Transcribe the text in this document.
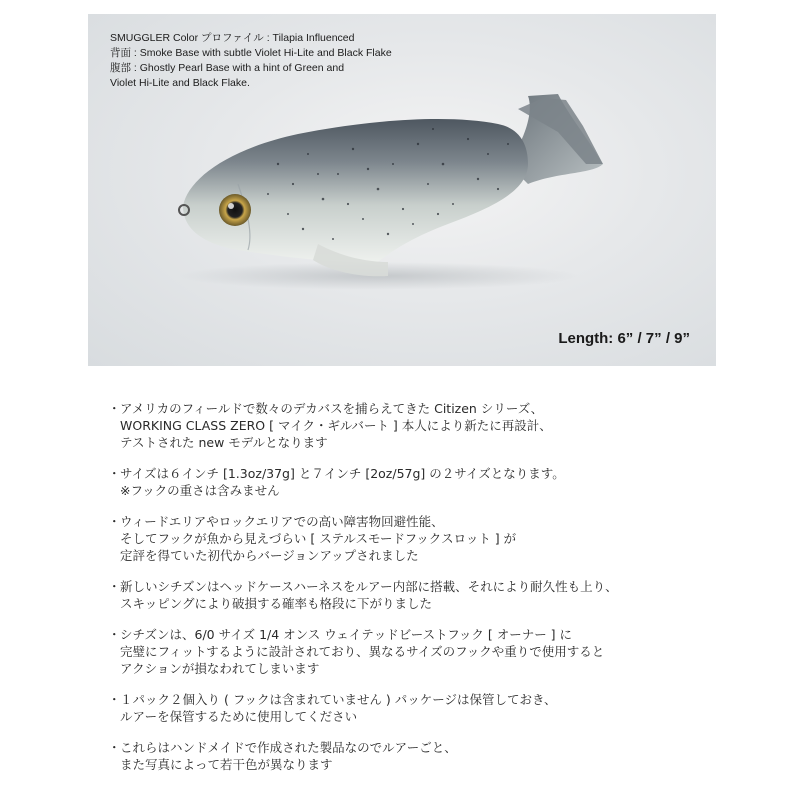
SMUGGLER Color プロファイル : Tilapia Influenced
背面 : Smoke Base with subtle Violet Hi-Lite and Black Flake
腹部 : Ghostly Pearl Base with a hint of Green and
Violet Hi-Lite and Black Flake.
Length: 6” / 7” / 9”
・ アメリカのフィールドで数々のデカバスを捕らえてきた Citizen シリーズ、
WORKING CLASS ZERO [ マイク・ギルバート ] 本人により新たに再設計、
テストされた new モデルとなります
・ サイズは６インチ [1.3oz/37g] と７インチ [2oz/57g] の２サイズとなります。
※フックの重さは含みません
・ ウィードエリアやロックエリアでの高い障害物回避性能、
そしてフックが魚から見えづらい [ ステルスモードフックスロット ] が
定評を得ていた初代からバージョンアップされました
・ 新しいシチズンはヘッドケースハーネスをルアー内部に搭載、それにより耐久性も上り、
スキッピングにより破損する確率も格段に下がりました
・ シチズンは、6/0 サイズ 1/4 オンス ウェイテッドビーストフック [ オーナー ] に
完璧にフィットするように設計されており、異なるサイズのフックや重りで使用すると
アクションが損なわれてしまいます
・ １パック２個入り ( フックは含まれていません ) パッケージは保管しておき、
ルアーを保管するために使用してください
・ これらはハンドメイドで作成された製品なのでルアーごと、
また写真によって若干色が異なります
